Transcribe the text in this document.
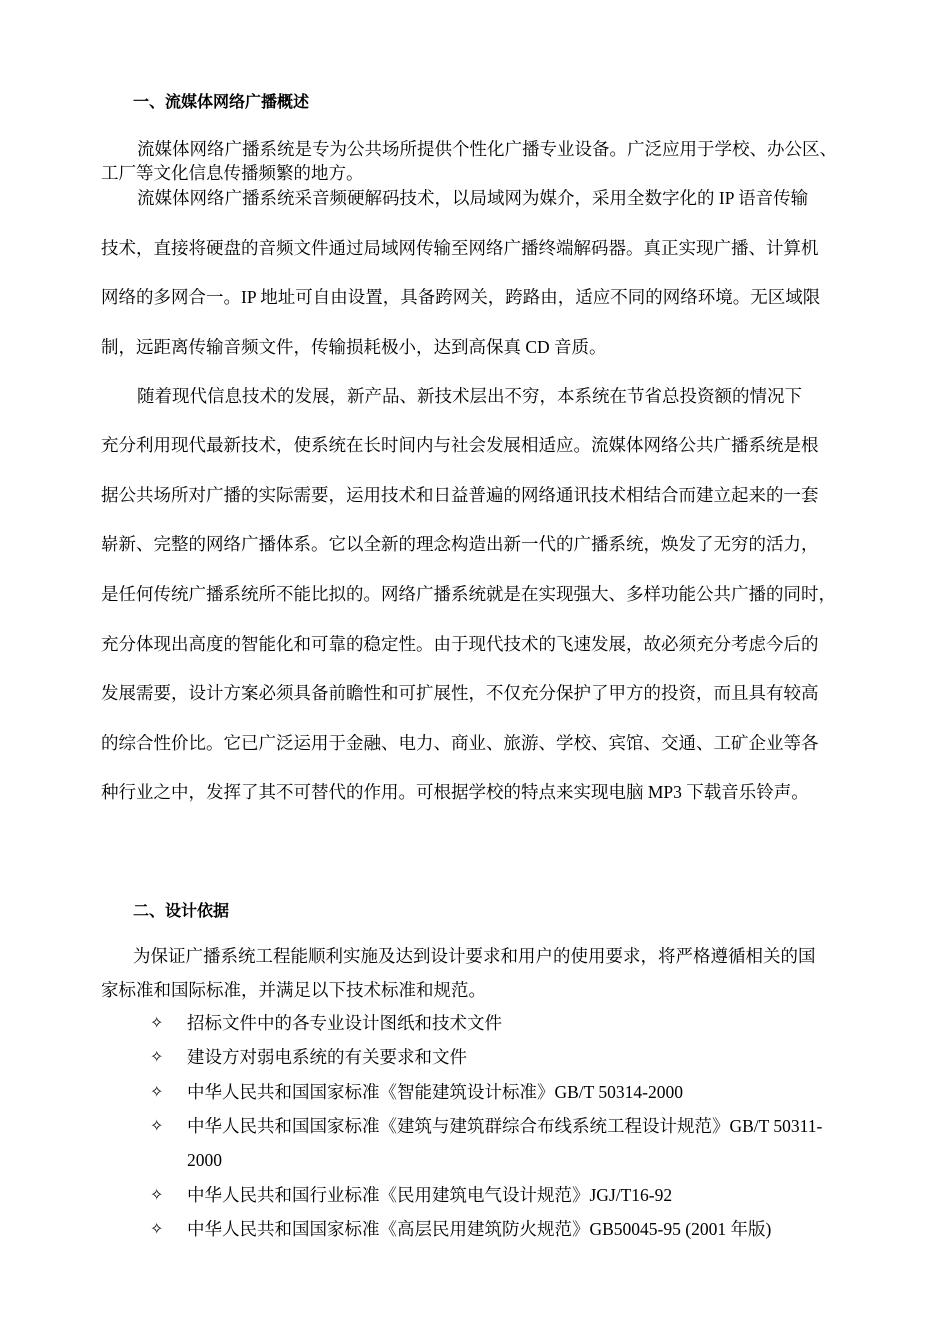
一、流媒体网络广播概述
流媒体网络广播系统是专为公共场所提供个性化广播专业设备。广泛应用于学校、办公区、
工厂等文化信息传播频繁的地方。
流媒体网络广播系统采音频硬解码技术，以局域网为媒介，采用全数字化的 IP 语音传输
技术，直接将硬盘的音频文件通过局域网传输至网络广播终端解码器。真正实现广播、计算机
网络的多网合一。IP 地址可自由设置，具备跨网关，跨路由，适应不同的网络环境。无区域限
制，远距离传输音频文件，传输损耗极小，达到高保真 CD 音质。
随着现代信息技术的发展，新产品、新技术层出不穷，本系统在节省总投资额的情况下
充分利用现代最新技术，使系统在长时间内与社会发展相适应。流媒体网络公共广播系统是根
据公共场所对广播的实际需要，运用技术和日益普遍的网络通讯技术相结合而建立起来的一套
崭新、完整的网络广播体系。它以全新的理念构造出新一代的广播系统，焕发了无穷的活力，
是任何传统广播系统所不能比拟的。网络广播系统就是在实现强大、多样功能公共广播的同时，
充分体现出高度的智能化和可靠的稳定性。由于现代技术的飞速发展，故必须充分考虑今后的
发展需要，设计方案必须具备前瞻性和可扩展性，不仅充分保护了甲方的投资，而且具有较高
的综合性价比。它已广泛运用于金融、电力、商业、旅游、学校、宾馆、交通、工矿企业等各
种行业之中，发挥了其不可替代的作用。可根据学校的特点来实现电脑 MP3 下载音乐铃声。
二、设计依据
为保证广播系统工程能顺利实施及达到设计要求和用户的使用要求，将严格遵循相关的国
家标准和国际标准，并满足以下技术标准和规范。
✧	招标文件中的各专业设计图纸和技术文件
✧	建设方对弱电系统的有关要求和文件
✧	中华人民共和国国家标准《智能建筑设计标准》GB/T 50314-2000
✧	中华人民共和国国家标准《建筑与建筑群综合布线系统工程设计规范》GB/T 50311-
2000
✧	中华人民共和国行业标准《民用建筑电气设计规范》JGJ/T16-92
✧	中华人民共和国国家标准《高层民用建筑防火规范》GB50045-95 (2001 年版)
